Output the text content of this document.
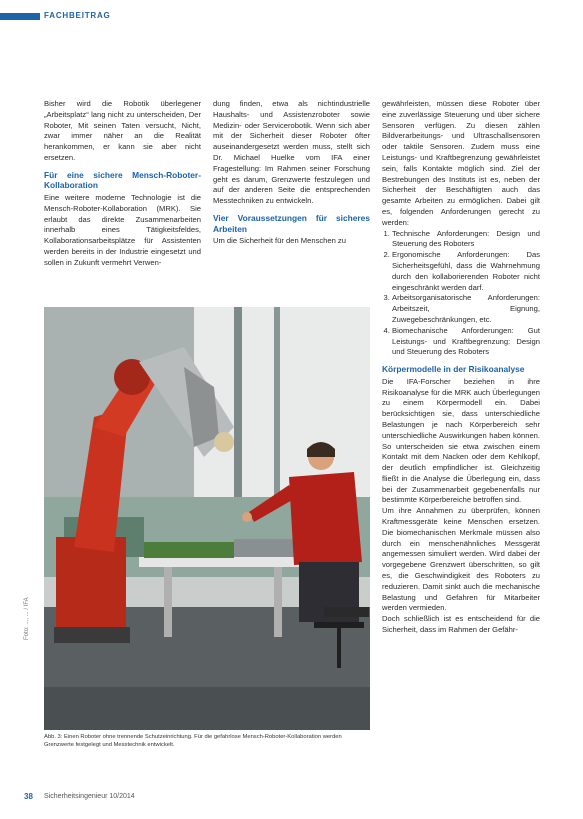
FACHBEITRAG

Bisher wird die Robotik überlegener „Arbeitsplatz“ lang nicht zu unterscheiden, Der Roboter, Mit seinen Taten versucht, Nicht, zwar immer näher an die Realität herankommen, er kann sie aber nicht ersetzen.

Für eine sichere Mensch-Roboter-Kollaboration

Eine weitere moderne Technologie ist die Mensch-Roboter-Kollaboration (MRK). Sie erlaubt das direkte Zusammenarbeiten innerhalb eines Tätigkeitsfeldes, Kollaborationsarbeitsplätze für Assistenten werden bereits in der Industrie eingesetzt und sollen in Zukunft vermehrt Verwen-

dung finden, etwa als nichtindustrielle Haushalts- und Assistenzroboter sowie Medizin- oder Servicerobotik. Wenn sich aber mit der Sicherheit dieser Roboter öfter auseinandergesetzt werden muss, stellt sich Dr. Michael Huelke vom IFA einer Fragestellung: Im Rahmen seiner Forschung geht es darum, Grenzwerte festzulegen und auf der anderen Seite die entsprechenden Messtechniken zu entwickeln.

Vier Voraussetzungen für sicheres Arbeiten

Um die Sicherheit für den Menschen zu

gewährleisten, müssen diese Roboter über eine zuverlässige Steuerung und über sichere Sensoren verfügen. Zu diesen zählen Bildverarbeitungs- und Ultraschallsensoren oder taktile Sensoren. Zudem muss eine Leistungs- und Kraftbegrenzung gewährleistet sein, falls Kontakte möglich sind. Ziel der Bestrebungen des Instituts ist es, neben der Sicherheit der Beschäftigten auch das gesamte Arbeiten zu ermöglichen. Dabei gilt es, folgenden Anforderungen gerecht zu werden:

1. Technische Anforderungen: Design und Steuerung des Roboters
2. Ergonomische Anforderungen: Das Sicherheitsgefühl, dass die Wahrnehmung durch den kollaborierenden Roboter nicht eingeschränkt werden darf.
3. Arbeitsorganisatorische Anforderungen: Arbeitszeit, Eignung, Zuwegebeschränkungen, etc.
4. Biomechanische Anforderungen: Gut Leistungs- und Kraftbegrenzung: Design und Steuerung des Roboters
Körpermodelle in der Risikoanalyse

Die IFA-Forscher beziehen in ihre Risikoanalyse für die MRK auch Überlegungen zu einem Körpermodell ein. Dabei berücksichtigen sie, dass unterschiedliche Belastungen je nach Körperbereich sehr unterschiedliche Auswirkungen haben können. So unterscheiden sie etwa zwischen einem Kontakt mit dem Nacken oder dem Kehlkopf, der deutlich empfindlicher ist. Gleichzeitig fließt in die Analyse die Überlegung ein, dass bei der Zusammenarbeit gegebenenfalls nur bestimmte Körperbereiche betroffen sind.

Um ihre Annahmen zu überprüfen, können Kraftmessgeräte keine Menschen ersetzen. Die biomechanischen Merkmale müssen also durch ein menschenähnliches Messgerät angemessen simuliert werden. Wird dabei der vorgegebene Grenzwert überschritten, so gilt es, die Geschwindigkeit des Roboters zu reduzieren. Damit sinkt auch die mechanische Belastung und Gefahren für Mitarbeiter werden vermieden.

Doch schließlich ist es entscheidend für die Sicherheit, dass im Rahmen der Gefähr-

Foto: ..., ... / IFA
Abb. 3: Einen Roboter ohne trennende Schutzeinrichtung. Für die gefahrlose Mensch-Roboter-Kollaboration werden Grenzwerte festgelegt und Messtechnik entwickelt.
38 Sicherheitsingenieur 10/2014
